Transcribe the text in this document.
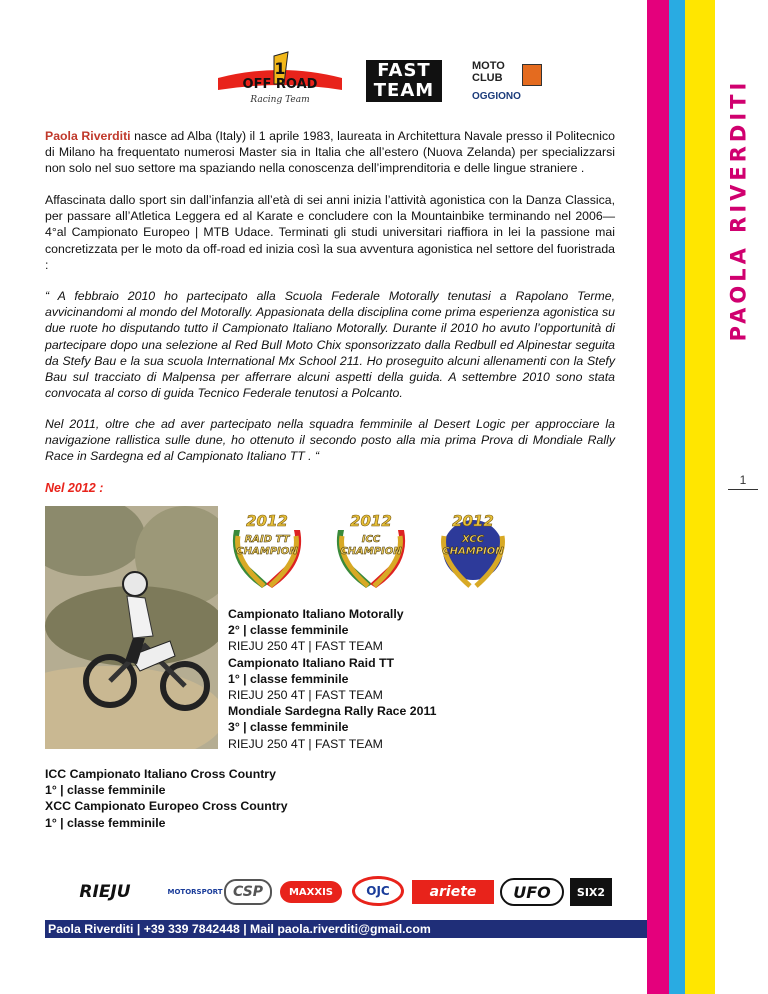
PAOLA RIVERDITI
1
OFF ROAD
1
Racing Team
FAST
TEAM
MOTO
CLUB
OGGIONO
Paola Riverditi nasce ad Alba (Italy) il 1 aprile 1983, laureata in Architettura Navale presso il Politecnico di Milano ha frequentato numerosi Master sia in Italia che all’estero (Nuova Zelanda) per specializzarsi non solo nel suo settore ma spaziando nella conoscenza dell’imprenditoria e delle lingue straniere .
Affascinata dallo sport sin dall’infanzia all’età di sei anni inizia l’attività agonistica con la Danza Classica, per passare all’Atletica Leggera ed al Karate e concludere con la Mountainbike terminando nel 2006—4°al Campionato Europeo | MTB Udace. Terminati gli studi universitari riaffiora in lei la passione mai concretizzata per le moto da off-road ed inizia così la sua avventura agonistica nel settore del fuoristrada :
“ A febbraio 2010 ho partecipato alla Scuola Federale Motorally tenutasi a Rapolano Terme, avvicinandomi al mondo del Motorally. Appasionata della disciplina come prima esperienza agonistica su due ruote ho disputando tutto il Campionato Italiano Motorally. Durante il 2010 ho avuto l’opportunità di partecipare dopo una selezione al Red Bull Moto Chix sponsorizzato dalla Redbull ed Alpinestar seguita da Stefy Bau e la sua scuola International Mx School 211. Ho proseguito alcuni allenamenti con la Stefy Bau sul tracciato di Malpensa per afferrare alcuni aspetti della guida. A settembre 2010 sono stata convocata al corso di guida Tecnico Federale tenutosi a Polcanto.
Nel 2011, oltre che ad aver partecipato nella squadra femminile al Desert Logic per approcciare la navigazione rallistica sulle dune, ho ottenuto il secondo posto alla mia prima Prova di Mondiale Rally Race in Sardegna ed al Campionato Italiano TT . “
Nel 2012 :
2012
RAID TT
CHAMPION
2012
ICC
CHAMPION
2012
XCC
CHAMPION
Campionato Italiano Motorally
2° | classe femminile
RIEJU 250 4T | FAST TEAM
Campionato Italiano Raid TT
1° | classe femminile
RIEJU 250 4T | FAST TEAM
Mondiale Sardegna Rally Race 2011
3° | classe femminile
RIEJU 250 4T | FAST TEAM
ICC Campionato Italiano Cross Country
1° | classe femminile
XCC Campionato Europeo Cross Country
1° | classe femminile
RIEJU	MOTORSPORT CSP	MAXXIS	OJC	ariete	UFO	SIX2
Paola Riverditi | +39 339 7842448 | Mail paola.riverditi@gmail.com
